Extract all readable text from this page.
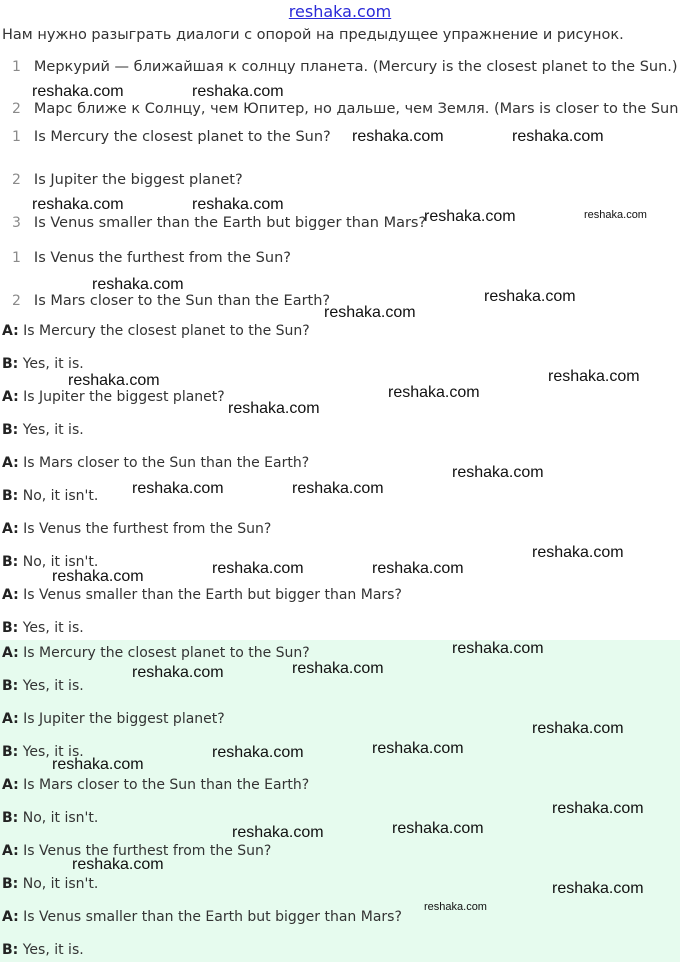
reshaka.com
Нам нужно разыграть диалоги с опорой на предыдущее упражнение и рисунок.
1 Меркурий — ближайшая к солнцу планета. (Mercury is the closest planet to the Sun.)
2 Марс ближе к Солнцу, чем Юпитер, но дальше, чем Земля. (Mars is closer to the Sun
1 Is Mercury the closest planet to the Sun?
2 Is Jupiter the biggest planet?
3 Is Venus smaller than the Earth but bigger than Mars?
1 Is Venus the furthest from the Sun?
2 Is Mars closer to the Sun than the Earth?
A: Is Mercury the closest planet to the Sun?
B: Yes, it is.
A: Is Jupiter the biggest planet?
B: Yes, it is.
A: Is Mars closer to the Sun than the Earth?
B: No, it isn't.
A: Is Venus the furthest from the Sun?
B: No, it isn't.
A: Is Venus smaller than the Earth but bigger than Mars?
B: Yes, it is.
A: Is Mercury the closest planet to the Sun?
B: Yes, it is.
A: Is Jupiter the biggest planet?
B: Yes, it is.
A: Is Mars closer to the Sun than the Earth?
B: No, it isn't.
A: Is Venus the furthest from the Sun?
B: No, it isn't.
A: Is Venus smaller than the Earth but bigger than Mars?
B: Yes, it is.
reshaka.com	reshaka.com
reshaka.com	reshaka.com
reshaka.com	reshaka.com
reshaka.com	reshaka.com
reshaka.com
reshaka.com
reshaka.com
reshaka.com	reshaka.com
reshaka.com
reshaka.com
reshaka.com
reshaka.com	reshaka.com
reshaka.com
reshaka.com	reshaka.com
reshaka.com
reshaka.com
reshaka.com
reshaka.com
reshaka.com
reshaka.com
reshaka.com
reshaka.com
reshaka.com
reshaka.com
reshaka.com
reshaka.com
reshaka.com
reshaka.com
